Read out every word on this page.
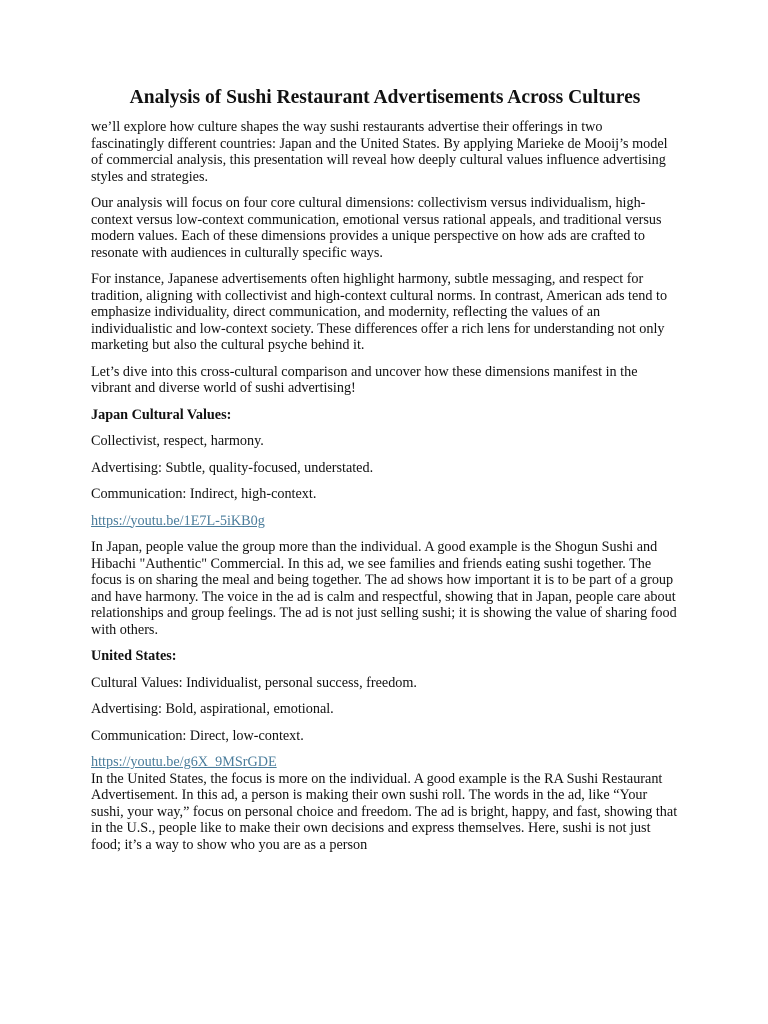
Analysis of Sushi Restaurant Advertisements Across Cultures

we’ll explore how culture shapes the way sushi restaurants advertise their offerings in two fascinatingly different countries: Japan and the United States. By applying Marieke de Mooij’s model of commercial analysis, this presentation will reveal how deeply cultural values influence advertising styles and strategies.

Our analysis will focus on four core cultural dimensions: collectivism versus individualism, high-context versus low-context communication, emotional versus rational appeals, and traditional versus modern values. Each of these dimensions provides a unique perspective on how ads are crafted to resonate with audiences in culturally specific ways.

For instance, Japanese advertisements often highlight harmony, subtle messaging, and respect for tradition, aligning with collectivist and high-context cultural norms. In contrast, American ads tend to emphasize individuality, direct communication, and modernity, reflecting the values of an individualistic and low-context society. These differences offer a rich lens for understanding not only marketing but also the cultural psyche behind it.

Let’s dive into this cross-cultural comparison and uncover how these dimensions manifest in the vibrant and diverse world of sushi advertising!

Japan Cultural Values:

Collectivist, respect, harmony.

Advertising: Subtle, quality-focused, understated.

Communication: Indirect, high-context.

https://youtu.be/1E7L-5iKB0g

In Japan, people value the group more than the individual. A good example is the Shogun Sushi and Hibachi "Authentic" Commercial. In this ad, we see families and friends eating sushi together. The focus is on sharing the meal and being together. The ad shows how important it is to be part of a group and have harmony. The voice in the ad is calm and respectful, showing that in Japan, people care about relationships and group feelings. The ad is not just selling sushi; it is showing the value of sharing food with others.

United States:

Cultural Values: Individualist, personal success, freedom.

Advertising: Bold, aspirational, emotional.

Communication: Direct, low-context.

https://youtu.be/g6X_9MSrGDE

In the United States, the focus is more on the individual. A good example is the RA Sushi Restaurant Advertisement. In this ad, a person is making their own sushi roll. The words in the ad, like “Your sushi, your way,” focus on personal choice and freedom. The ad is bright, happy, and fast, showing that in the U.S., people like to make their own decisions and express themselves. Here, sushi is not just food; it’s a way to show who you are as a person
